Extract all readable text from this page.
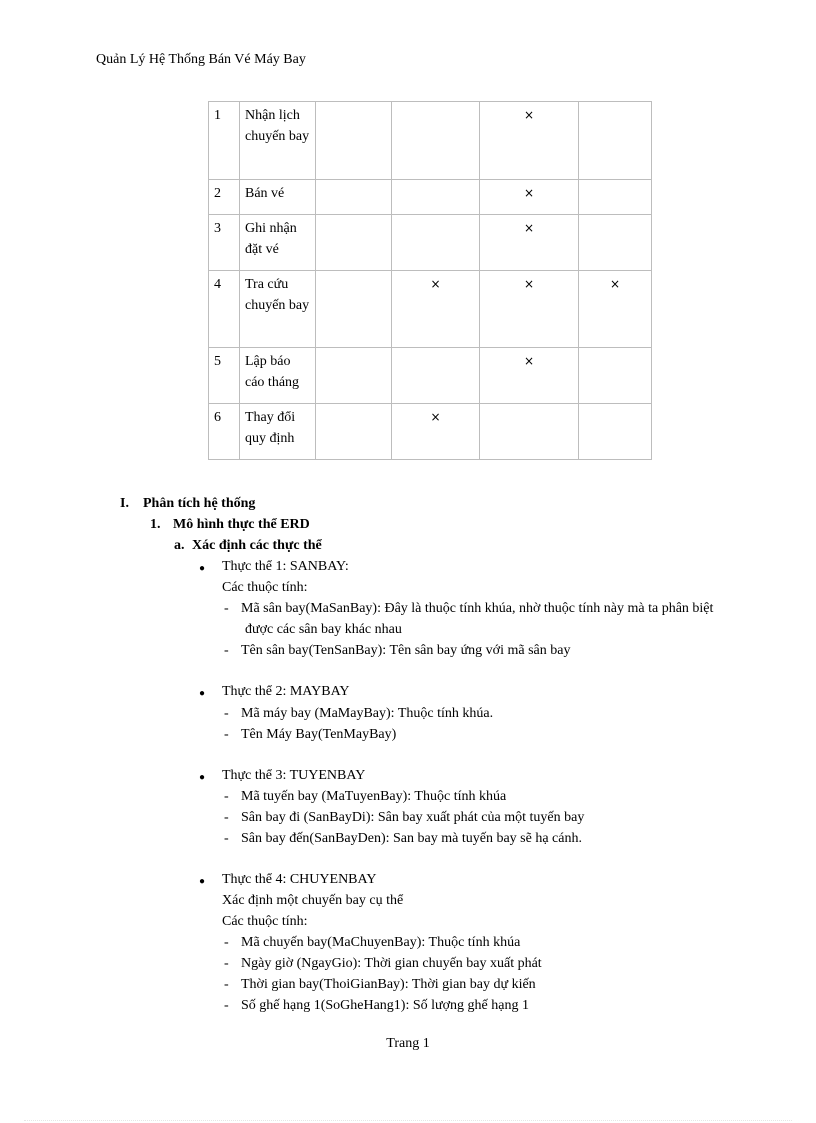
Quản Lý Hệ Thống Bán Vé Máy Bay
1	Nhận lịch chuyến bay			×	
2	Bán vé			×	
3	Ghi nhận đặt vé			×	
4	Tra cứu chuyến bay		×	×	×
5	Lập báo cáo tháng			×	
6	Thay đổi quy định		×		
I. Phân tích hệ thống
1. Mô hình thực thể ERD
a. Xác định các thực thể
● Thực thể 1: SANBAY:
Các thuộc tính:
- Mã sân bay(MaSanBay): Đây là thuộc tính khúa, nhờ thuộc tính này mà ta phân biệt
được các sân bay khác nhau
- Tên sân bay(TenSanBay): Tên sân bay ứng với mã sân bay
● Thực thể 2: MAYBAY
- Mã máy bay (MaMayBay): Thuộc tính khúa.
- Tên Máy Bay(TenMayBay)
● Thực thể 3: TUYENBAY
- Mã tuyến bay (MaTuyenBay): Thuộc tính khúa
- Sân bay đi (SanBayDi): Sân bay xuất phát của một tuyến bay
- Sân bay đến(SanBayDen): San bay mà tuyến bay sẽ hạ cánh.
● Thực thể 4: CHUYENBAY
Xác định một chuyến bay cụ thể
Các thuộc tính:
- Mã chuyến bay(MaChuyenBay): Thuộc tính khúa
- Ngày giờ (NgayGio): Thời gian chuyến bay xuất phát
- Thời gian bay(ThoiGianBay): Thời gian bay dự kiến
- Số ghế hạng 1(SoGheHang1): Số lượng ghế hạng 1
Trang 1
